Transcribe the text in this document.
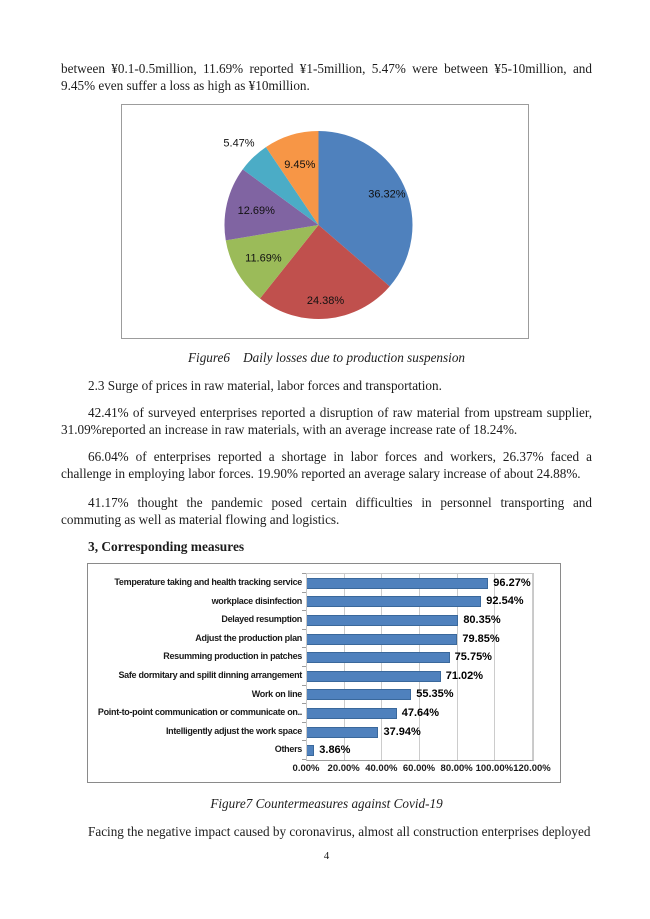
between ¥0.1-0.5million, 11.69% reported ¥1-5million, 5.47% were between ¥5-10million, and 9.45% even suffer a loss as high as ¥10million.

36.32%
24.38%
11.69%
12.69%
5.47%
9.45%
Figure6    Daily losses due to production suspension

2.3 Surge of prices in raw material, labor forces and transportation.

42.41% of surveyed enterprises reported a disruption of raw material from upstream supplier, 31.09%reported an increase in raw materials, with an average increase rate of 18.24%.

66.04% of enterprises reported a shortage in labor forces and workers, 26.37% faced a challenge in employing labor forces. 19.90% reported an average salary increase of about 24.88%.

41.17% thought the pandemic posed certain difficulties in personnel transporting and commuting as well as material flowing and logistics.

3, Corresponding measures
Temperature taking and health tracking service
workplace disinfection
Delayed resumption
Adjust the production plan
Resumming production in patches
Safe dormitary and spilit dinning arrangement
Work on line
Point-to-point communication or communicate on..
Intelligently adjust the work space
Others
96.27%
92.54%
80.35%
79.85%
75.75%
71.02%
55.35%
47.64%
37.94%
3.86%
0.00% 20.00% 40.00% 60.00% 80.00% 100.00% 120.00%
Figure7 Countermeasures against Covid-19

Facing the negative impact caused by coronavirus, almost all construction enterprises deployed

4
